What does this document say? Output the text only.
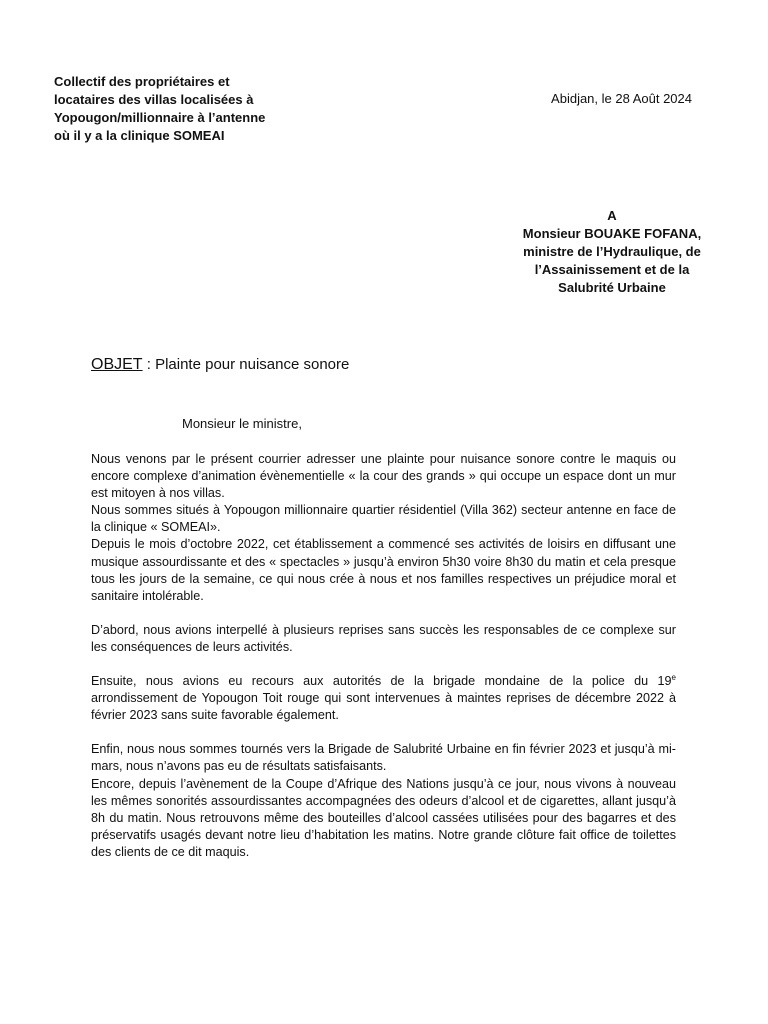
Collectif des propriétaires et
locataires des villas localisées à
Yopougon/millionnaire à l’antenne
où il y a la clinique SOMEAI
Abidjan, le 28 Août 2024
A
Monsieur BOUAKE FOFANA,
ministre de l’Hydraulique, de
l’Assainissement et de la
Salubrité Urbaine
OBJET : Plainte pour nuisance sonore
Monsieur le ministre,

Nous venons par le présent courrier adresser une plainte pour nuisance sonore contre le maquis ou encore complexe d’animation évènementielle « la cour des grands » qui occupe un espace dont un mur est mitoyen à nos villas.

Nous sommes situés à Yopougon millionnaire quartier résidentiel (Villa 362) secteur antenne en face de la clinique « SOMEAI».

Depuis le mois d’octobre 2022, cet établissement a commencé ses activités de loisirs en diffusant une musique assourdissante et des « spectacles » jusqu’à environ 5h30 voire 8h30 du matin et cela presque tous les jours de la semaine, ce qui nous crée à nous et nos familles respectives un préjudice moral et sanitaire intolérable.

D’abord, nous avions interpellé à plusieurs reprises sans succès les responsables de ce complexe sur les conséquences de leurs activités.

Ensuite, nous avions eu recours aux autorités de la brigade mondaine de la police du 19e arrondissement de Yopougon Toit rouge qui sont intervenues à maintes reprises de décembre 2022 à février 2023 sans suite favorable également.

Enfin, nous nous sommes tournés vers la Brigade de Salubrité Urbaine en fin février 2023 et jusqu’à mi-mars, nous n’avons pas eu de résultats satisfaisants.

Encore, depuis l’avènement de la Coupe d’Afrique des Nations jusqu’à ce jour, nous vivons à nouveau les mêmes sonorités assourdissantes accompagnées des odeurs d’alcool et de cigarettes, allant jusqu’à 8h du matin. Nous retrouvons même des bouteilles d’alcool cassées utilisées pour des bagarres et des préservatifs usagés devant notre lieu d’habitation les matins. Notre grande clôture fait office de toilettes des clients de ce dit maquis.
